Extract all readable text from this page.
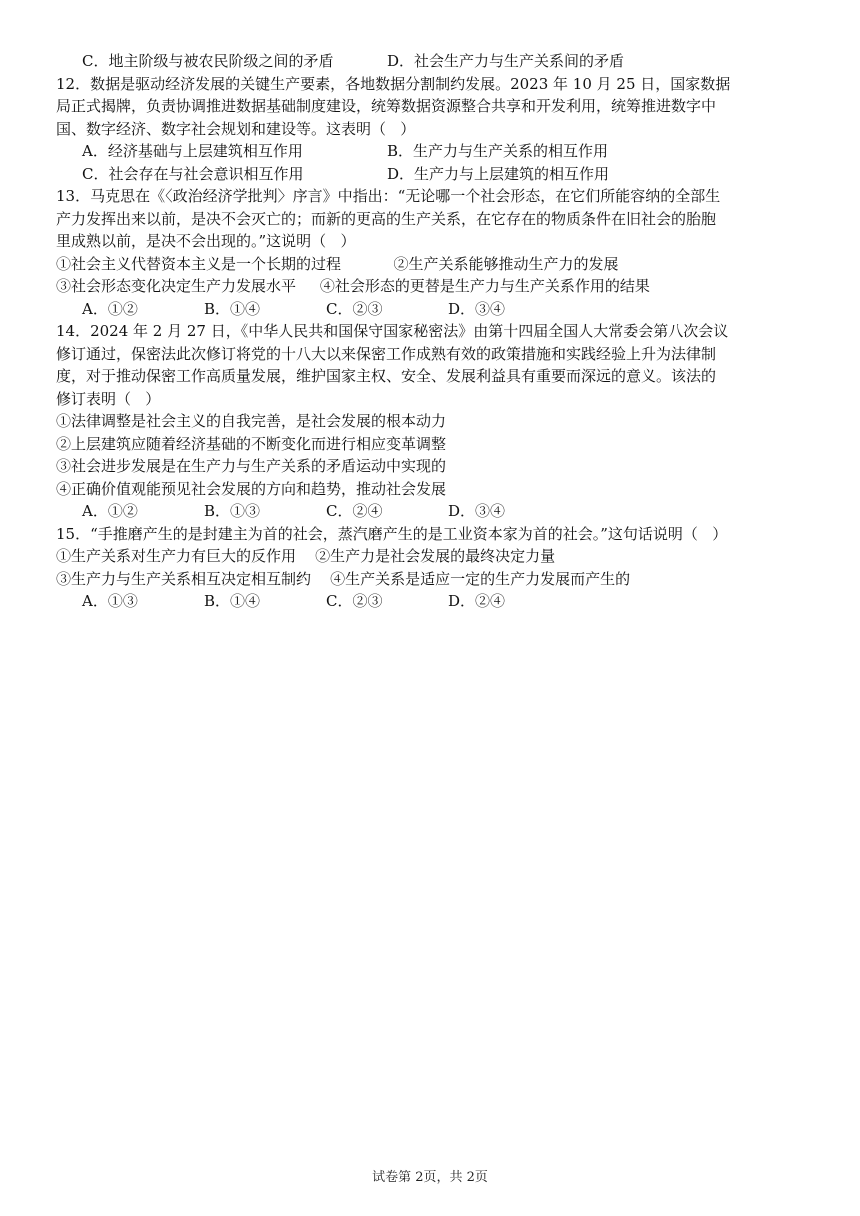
C．地主阶级与被农民阶级之间的矛盾	D．社会生产力与生产关系间的矛盾
12．数据是驱动经济发展的关键生产要素，各地数据分割制约发展。2023 年 10 月 25 日，国家数据
局正式揭牌，负责协调推进数据基础制度建设，统筹数据资源整合共享和开发利用，统筹推进数字中
国、数字经济、数字社会规划和建设等。这表明（   ）
A．经济基础与上层建筑相互作用	B．生产力与生产关系的相互作用
C．社会存在与社会意识相互作用	D．生产力与上层建筑的相互作用
13．马克思在《〈政治经济学批判〉序言》中指出：“无论哪一个社会形态，在它们所能容纳的全部生
产力发挥出来以前，是决不会灭亡的；而新的更高的生产关系，在它存在的物质条件在旧社会的胎胞
里成熟以前，是决不会出现的。”这说明（   ）
①社会主义代替资本主义是一个长期的过程	②生产关系能够推动生产力的发展
③社会形态变化决定生产力发展水平 ④社会形态的更替是生产力与生产关系作用的结果
A．①②	B．①④	C．②③	D．③④
14．2024 年 2 月 27 日，《中华人民共和国保守国家秘密法》由第十四届全国人大常委会第八次会议
修订通过，保密法此次修订将党的十八大以来保密工作成熟有效的政策措施和实践经验上升为法律制
度，对于推动保密工作高质量发展，维护国家主权、安全、发展利益具有重要而深远的意义。该法的
修订表明（   ）
①法律调整是社会主义的自我完善，是社会发展的根本动力
②上层建筑应随着经济基础的不断变化而进行相应变革调整
③社会进步发展是在生产力与生产关系的矛盾运动中实现的
④正确价值观能预见社会发展的方向和趋势，推动社会发展
A．①②	B．①③	C．②④	D．③④
15．“手推磨产生的是封建主为首的社会，蒸汽磨产生的是工业资本家为首的社会。”这句话说明（   ）
①生产关系对生产力有巨大的反作用    ②生产力是社会发展的最终决定力量
③生产力与生产关系相互决定相互制约    ④生产关系是适应一定的生产力发展而产生的
A．①③	B．①④	C．②③	D．②④
试卷第 2页，共 2页
